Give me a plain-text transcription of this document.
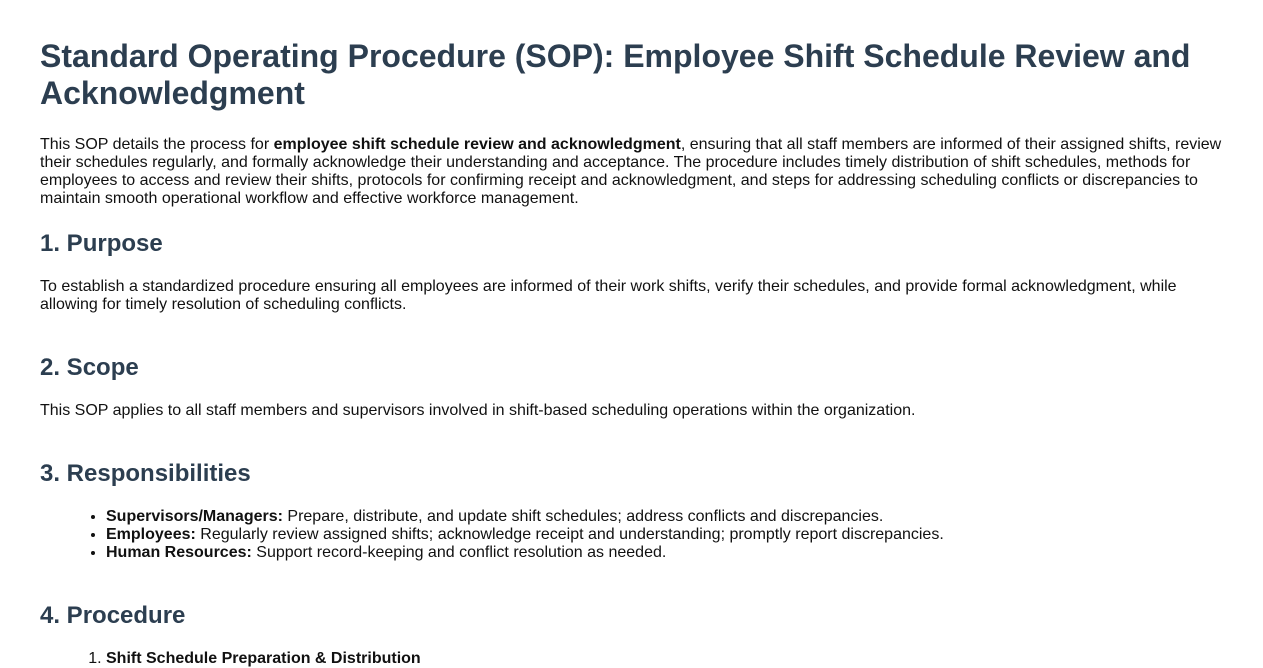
Standard Operating Procedure (SOP): Employee Shift Schedule Review and Acknowledgment

This SOP details the process for employee shift schedule review and acknowledgment, ensuring that all staff members are informed of their assigned shifts, review their schedules regularly, and formally acknowledge their understanding and acceptance. The procedure includes timely distribution of shift schedules, methods for employees to access and review their shifts, protocols for confirming receipt and acknowledgment, and steps for addressing scheduling conflicts or discrepancies to maintain smooth operational workflow and effective workforce management.

1. Purpose

To establish a standardized procedure ensuring all employees are informed of their work shifts, verify their schedules, and provide formal acknowledgment, while allowing for timely resolution of scheduling conflicts.

2. Scope

This SOP applies to all staff members and supervisors involved in shift-based scheduling operations within the organization.

3. Responsibilities
• Supervisors/Managers: Prepare, distribute, and update shift schedules; address conflicts and discrepancies.
• Employees: Regularly review assigned shifts; acknowledge receipt and understanding; promptly report discrepancies.
• Human Resources: Support record-keeping and conflict resolution as needed.
4. Procedure
1. Shift Schedule Preparation & Distribution
